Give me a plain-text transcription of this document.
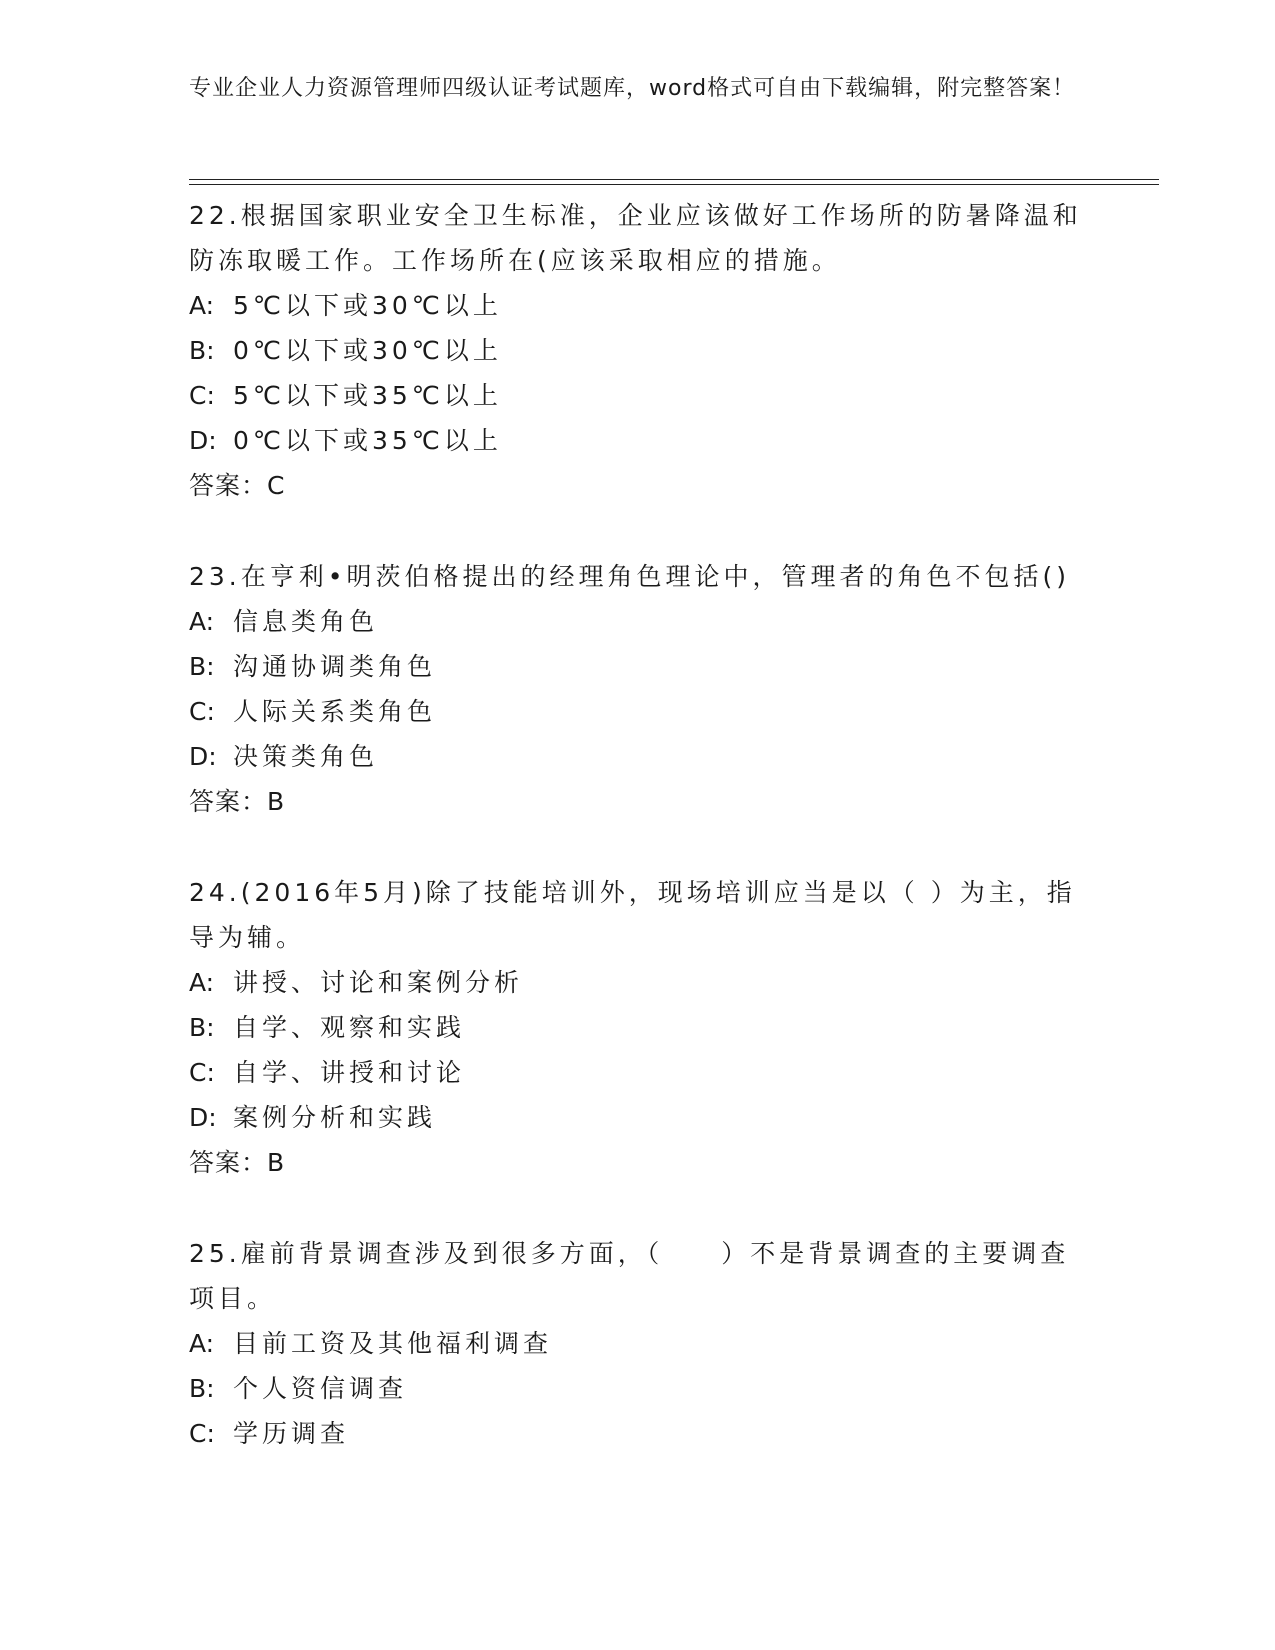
专业企业人力资源管理师四级认证考试题库，word格式可自由下载编辑，附完整答案！

22.根据国家职业安全卫生标准，企业应该做好工作场所的防暑降温和防冻取暖工作。工作场所在(应该采取相应的措施。

A: 5℃以下或30℃以上

B: 0℃以下或30℃以上

C: 5℃以下或35℃以上

D: 0℃以下或35℃以上

答案：C

23.在亨利•明茨伯格提出的经理角色理论中，管理者的角色不包括()

A: 信息类角色

B: 沟通协调类角色

C: 人际关系类角色

D: 决策类角色

答案：B

24.(2016年5月)除了技能培训外，现场培训应当是以（ ）为主，指导为辅。

A: 讲授、讨论和案例分析

B: 自学、观察和实践

C: 自学、讲授和讨论

D: 案例分析和实践

答案：B

25.雇前背景调查涉及到很多方面，（　　）不是背景调查的主要调查项目。

A: 目前工资及其他福利调查

B: 个人资信调查

C: 学历调查
